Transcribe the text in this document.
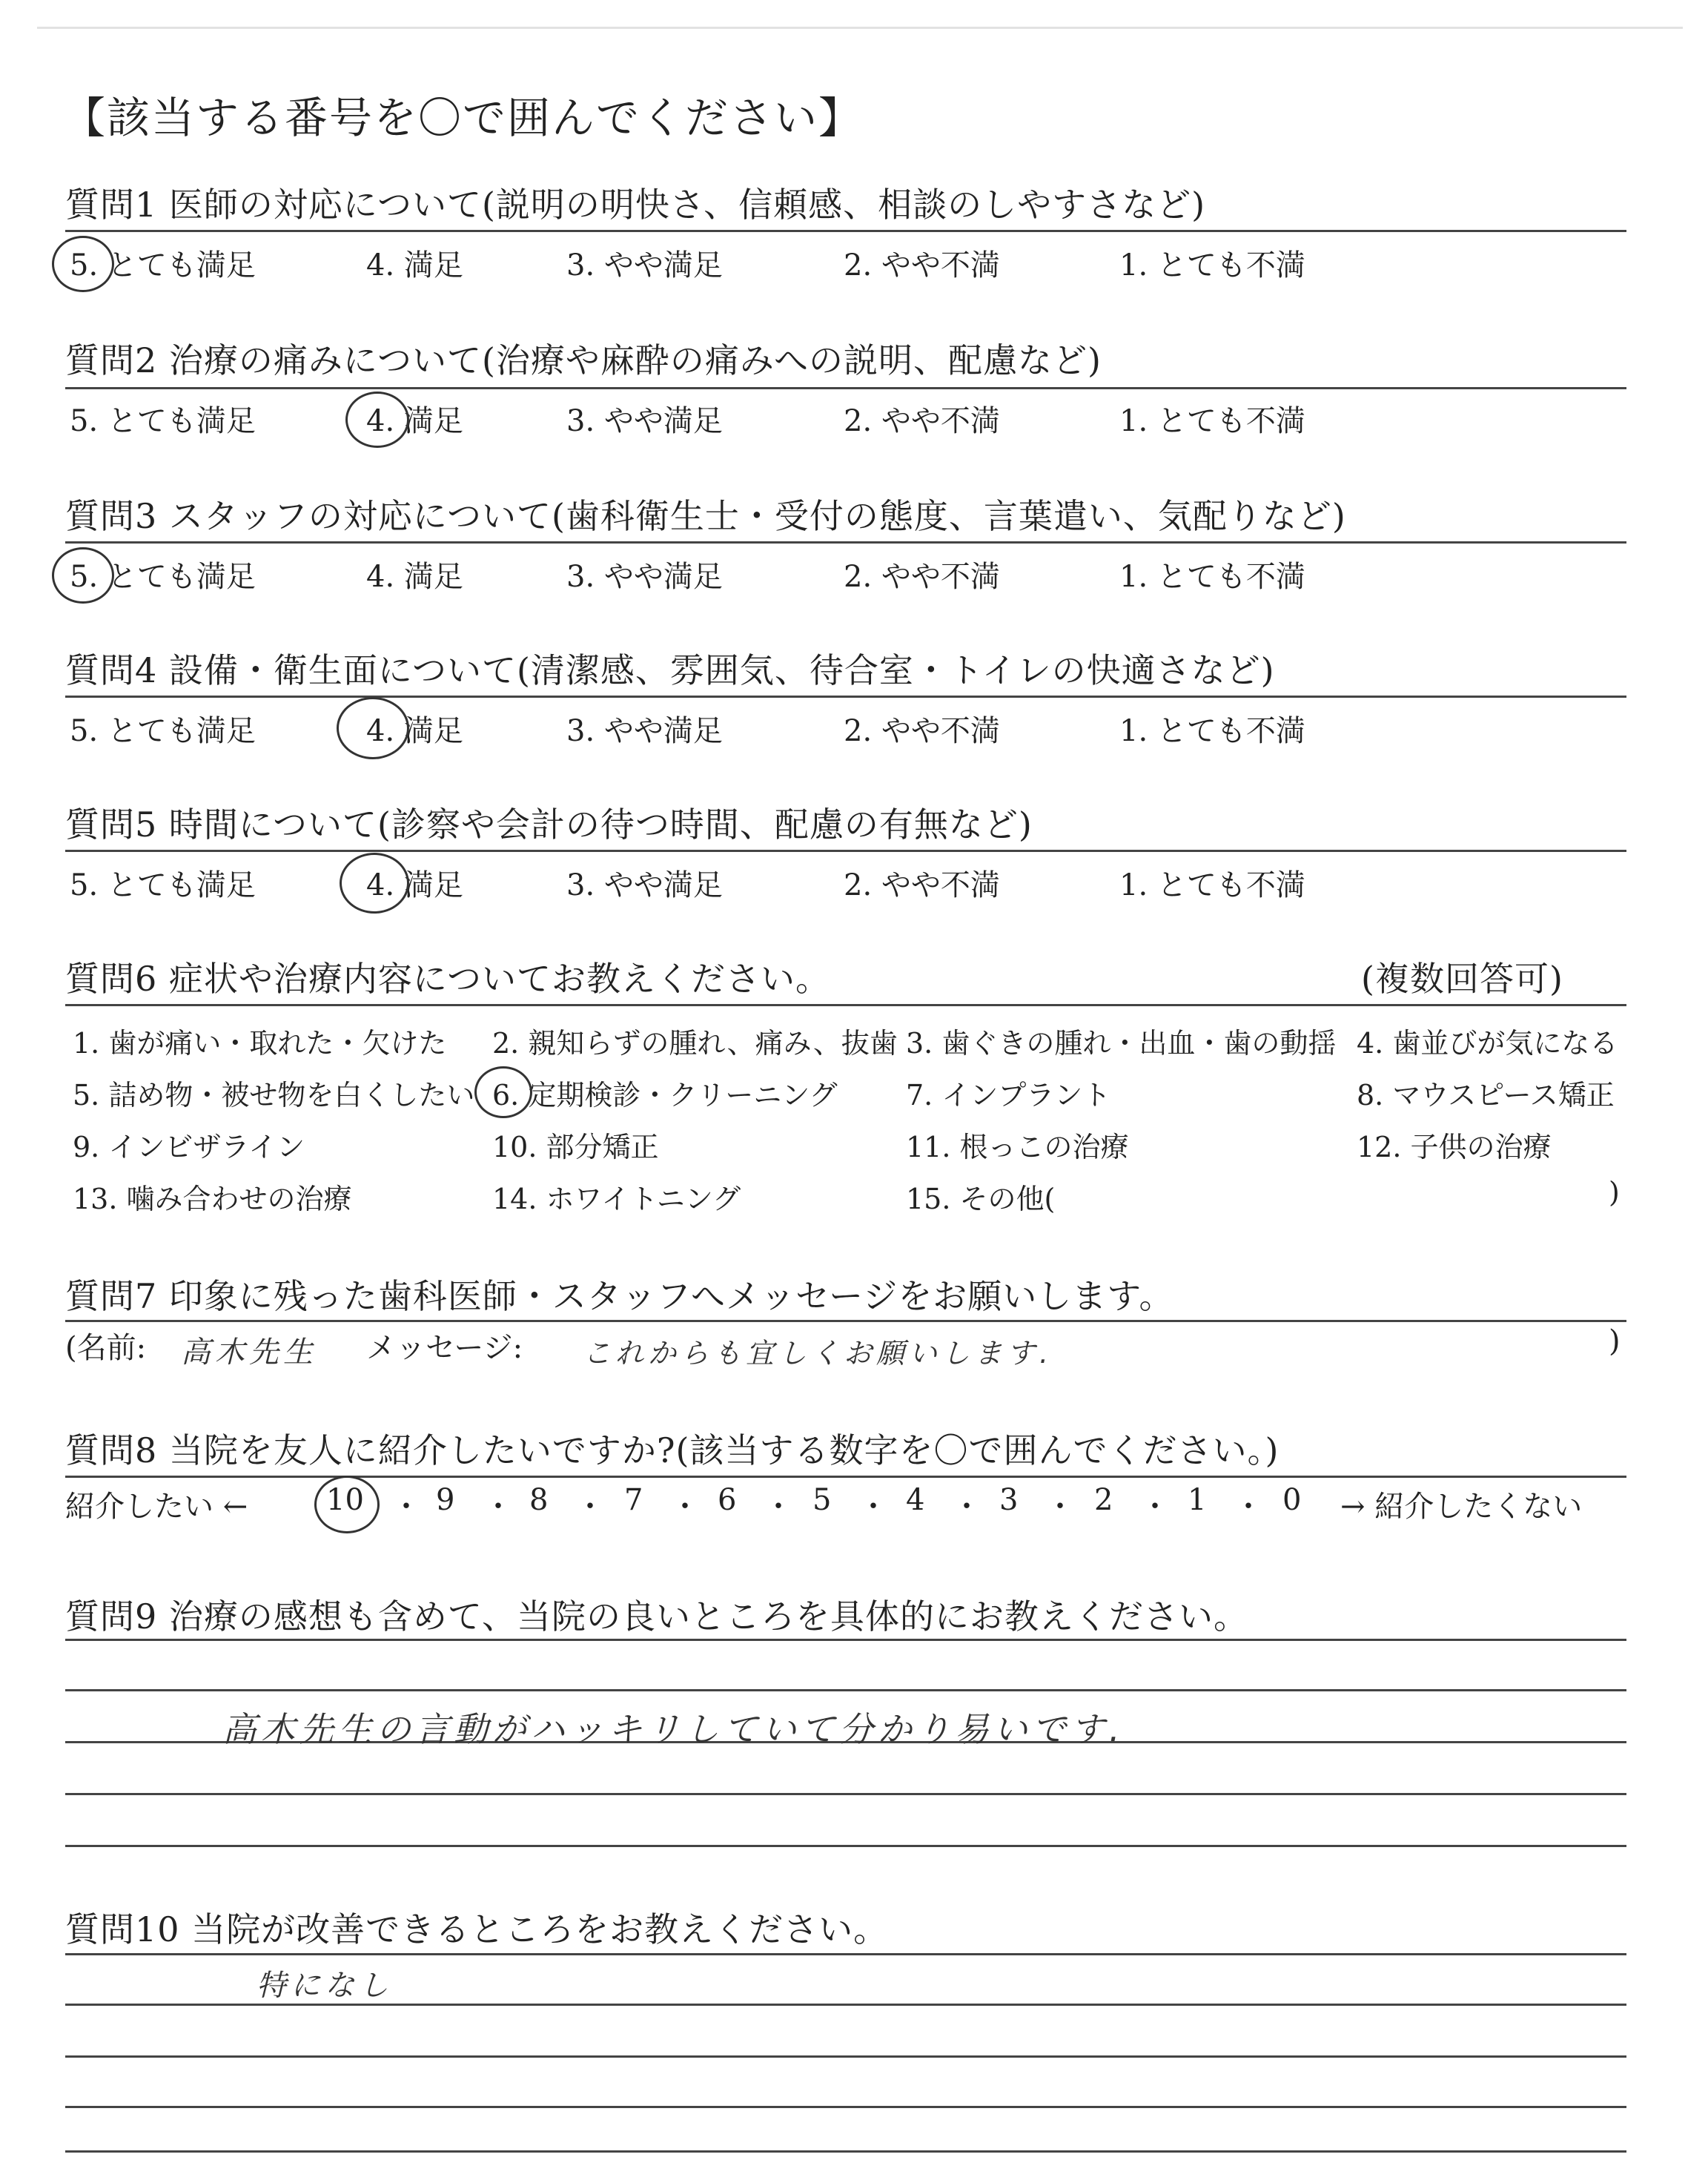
【該当する番号を〇で囲んでください】
質問1 医師の対応について(説明の明快さ、信頼感、相談のしやすさなど)
5. とても満足	4. 満足	3. やや満足	2. やや不満	1. とても不満
質問2 治療の痛みについて(治療や麻酔の痛みへの説明、配慮など)
5. とても満足	4. 満足	3. やや満足	2. やや不満	1. とても不満
質問3 スタッフの対応について(歯科衛生士・受付の態度、言葉遣い、気配りなど)
5. とても満足	4. 満足	3. やや満足	2. やや不満	1. とても不満
質問4 設備・衛生面について(清潔感、雰囲気、待合室・トイレの快適さなど)
5. とても満足	4. 満足	3. やや満足	2. やや不満	1. とても不満
質問5 時間について(診察や会計の待つ時間、配慮の有無など)
5. とても満足	4. 満足	3. やや満足	2. やや不満	1. とても不満
質問6 症状や治療内容についてお教えください。	(複数回答可)
1. 歯が痛い・取れた・欠けた 2. 親知らずの腫れ、痛み、抜歯 3. 歯ぐきの腫れ・出血・歯の動揺 4. 歯並びが気になる
5. 詰め物・被せ物を白くしたい 6. 定期検診・クリーニング 7. インプラント	8. マウスピース矯正
9. インビザライン	10. 部分矯正	11. 根っこの治療	12. 子供の治療
13. 噛み合わせの治療	14. ホワイトニング	15. その他(	)
質問7 印象に残った歯科医師・スタッフへメッセージをお願いします。
(名前: 高木先生 メッセージ: これからも宜しくお願いします.	)
質問8 当院を友人に紹介したいですか?(該当する数字を〇で囲んでください。)
紹介したい ←	10 ・ 9 ・ 8 ・ 7 ・ 6 ・ 5 ・ 4 ・ 3 ・ 2 ・ 1 ・ 0 → 紹介したくない
質問9 治療の感想も含めて、当院の良いところを具体的にお教えください。
高木先生の言動がハッキリしていて分かり易いです.
質問10 当院が改善できるところをお教えください。
特になし
